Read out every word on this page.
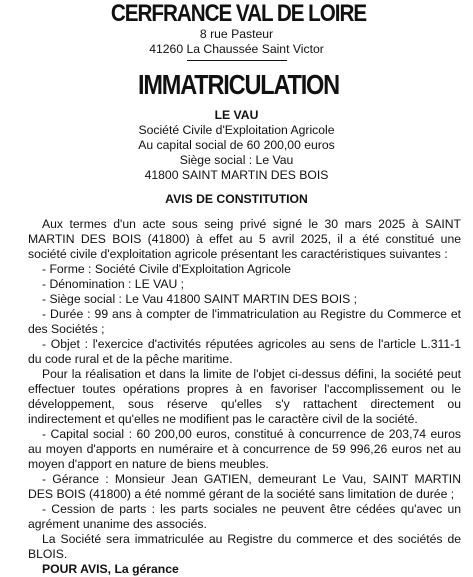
CERFRANCE VAL DE LOIRE
8 rue Pasteur
41260 La Chaussée Saint Victor
IMMATRICULATION
LE VAU
Société Civile d'Exploitation Agricole
Au capital social de 60 200,00 euros
Siège social : Le Vau
41800 SAINT MARTIN DES BOIS
AVIS DE CONSTITUTION

Aux termes d'un acte sous seing privé signé le 30 mars 2025 à SAINT MARTIN DES BOIS (41800) à effet au 5 avril 2025, il a été constitué une société civile d'exploitation agricole présentant les caractéristiques suivantes :

- Forme : Société Civile d'Exploitation Agricole

- Dénomination : LE VAU ;

- Siège social : Le Vau 41800 SAINT MARTIN DES BOIS ;

- Durée : 99 ans à compter de l'immatriculation au Registre du Commerce et des Sociétés ;

- Objet : l'exercice d'activités réputées agricoles au sens de l'article L.311-1 du code rural et de la pêche maritime.

Pour la réalisation et dans la limite de l'objet ci-dessus défini, la société peut effectuer toutes opérations propres à en favoriser l'accomplissement ou le développement, sous réserve qu'elles s'y rattachent directement ou indirectement et qu'elles ne modifient pas le caractère civil de la société.

- Capital social : 60 200,00 euros, constitué à concurrence de 203,74 euros au moyen d'apports en numéraire et à concurrence de 59 996,26 euros net au moyen d'apport en nature de biens meubles.

- Gérance : Monsieur Jean GATIEN, demeurant Le Vau, SAINT MARTIN DES BOIS (41800) a été nommé gérant de la société sans limitation de durée ;

- Cession de parts : les parts sociales ne peuvent être cédées qu'avec un agrément unanime des associés.

La Société sera immatriculée au Registre du commerce et des sociétés de BLOIS.

POUR AVIS, La gérance
